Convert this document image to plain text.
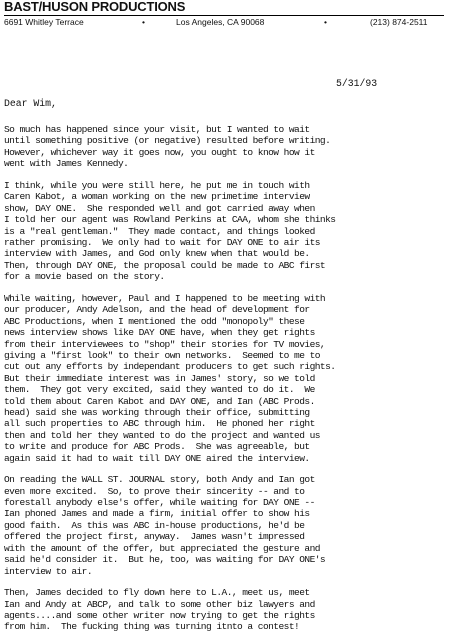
BAST/HUSON PRODUCTIONS
6691 Whitley Terrace	•	Los Angeles, CA 90068	•	(213) 874-2511
5/31/93
Dear Wim,
So much has happened since your visit, but I wanted to wait
until something positive (or negative) resulted before writing.
However, whichever way it goes now, you ought to know how it
went with James Kennedy.
I think, while you were still here, he put me in touch with
Caren Kabot, a woman working on the new primetime interview
show, DAY ONE.  She responded well and got carried away when
I told her our agent was Rowland Perkins at CAA, whom she thinks
is a "real gentleman."  They made contact, and things looked
rather promising.  We only had to wait for DAY ONE to air its
interview with James, and God only knew when that would be.
Then, through DAY ONE, the proposal could be made to ABC first
for a movie based on the story.
While waiting, however, Paul and I happened to be meeting with
our producer, Andy Adelson, and the head of development for
ABC Productions, when I mentioned the odd "monopoly" these
news interview shows like DAY ONE have, when they get rights
from their interviewees to "shop" their stories for TV movies,
giving a "first look" to their own networks.  Seemed to me to
cut out any efforts by independant producers to get such rights.
But their immediate interest was in James' story, so we told
them.  They got very excited, said they wanted to do it.  We
told them about Caren Kabot and DAY ONE, and Ian (ABC Prods.
head) said she was working through their office, submitting
all such properties to ABC through him.  He phoned her right
then and told her they wanted to do the project and wanted us
to write and produce for ABC Prods.  She was agreeable, but
again said it had to wait till DAY ONE aired the interview.
On reading the WALL ST. JOURNAL story, both Andy and Ian got
even more excited.  So, to prove their sincerity -- and to
forestall anybody else's offer, while waiting for DAY ONE --
Ian phoned James and made a firm, initial offer to show his
good faith.  As this was ABC in-house productions, he'd be
offered the project first, anyway.  James wasn't impressed
with the amount of the offer, but appreciated the gesture and
said he'd consider it.  But he, too, was waiting for DAY ONE's
interview to air.
Then, James decided to fly down here to L.A., meet us, meet
Ian and Andy at ABCP, and talk to some other biz lawyers and
agents....and some other writer now trying to get the rights
from him.  The fucking thing was turning itnto a contest!
